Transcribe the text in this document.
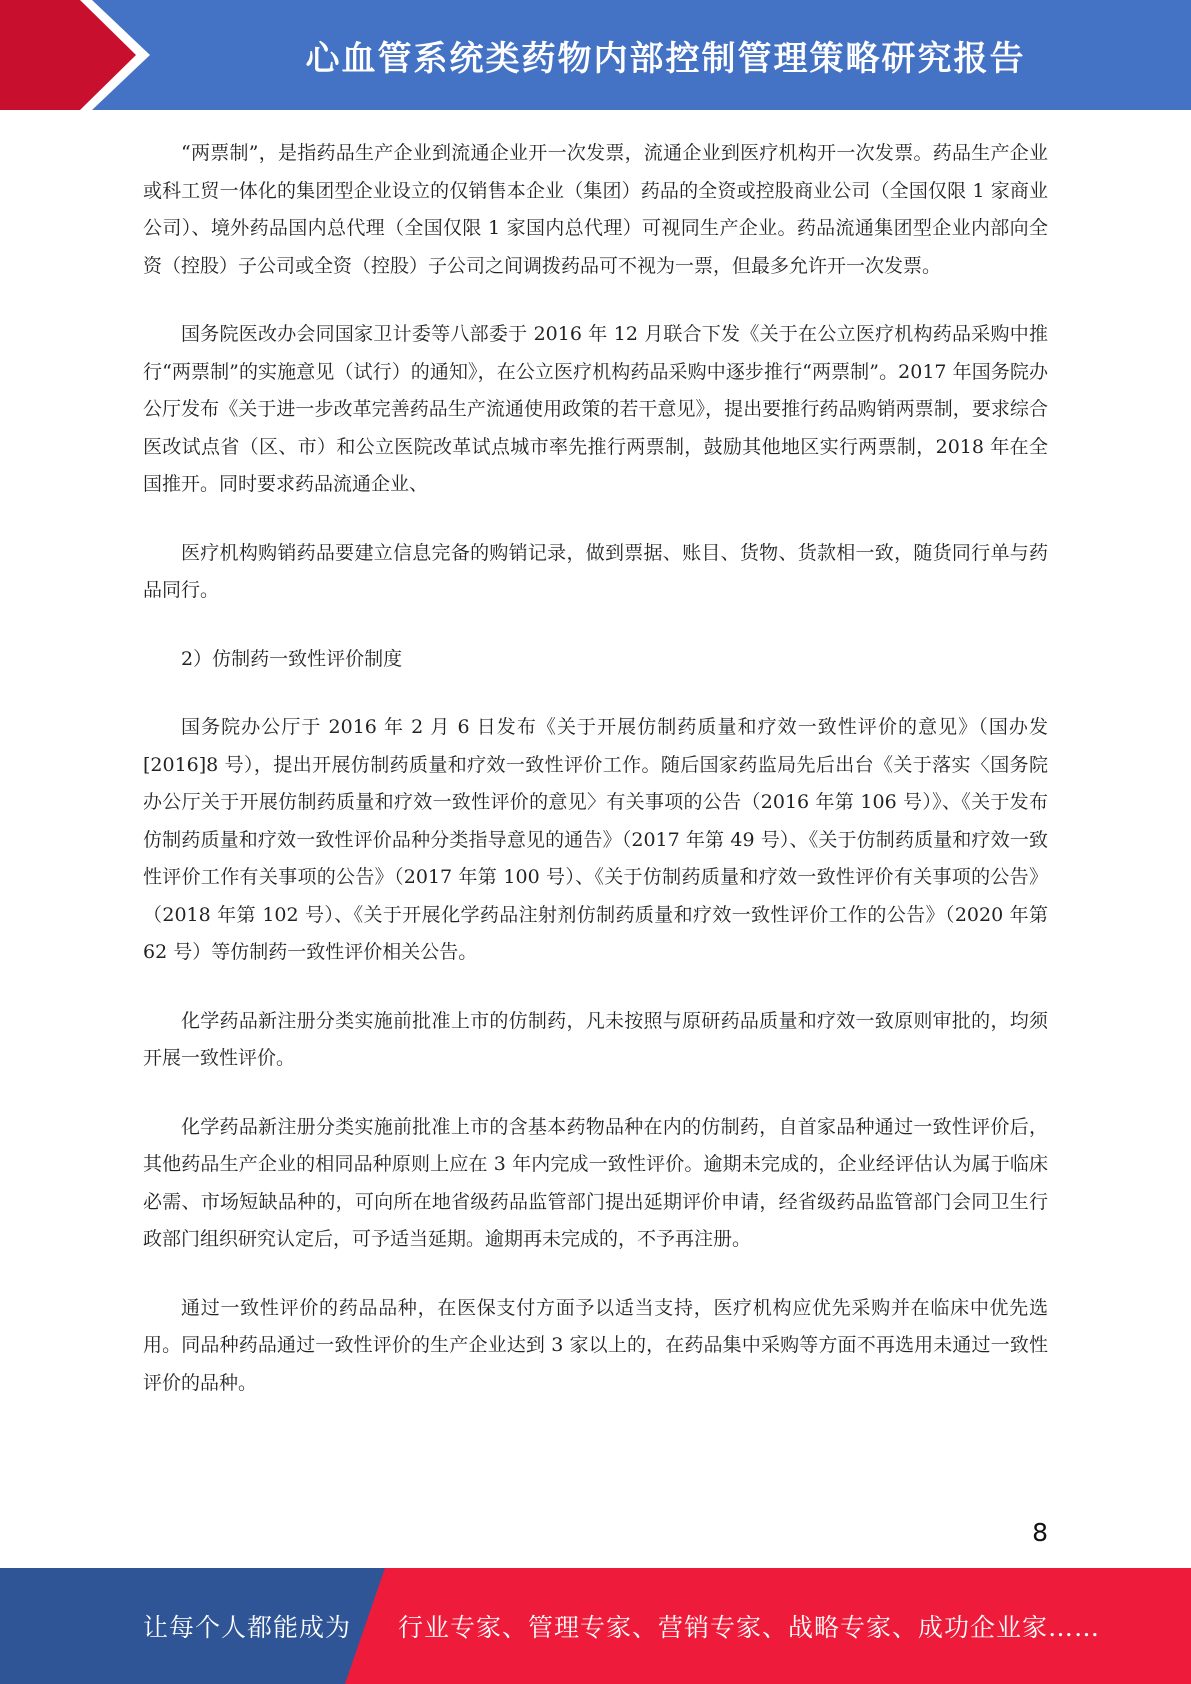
心血管系统类药物内部控制管理策略研究报告

“两票制”，是指药品生产企业到流通企业开一次发票，流通企业到医疗机构开一次发票。药品生产企业或科工贸一体化的集团型企业设立的仅销售本企业（集团）药品的全资或控股商业公司（全国仅限 1 家商业公司）、境外药品国内总代理（全国仅限 1 家国内总代理）可视同生产企业。药品流通集团型企业内部向全资（控股）子公司或全资（控股）子公司之间调拨药品可不视为一票，但最多允许开一次发票。

国务院医改办会同国家卫计委等八部委于 2016 年 12 月联合下发《关于在公立医疗机构药品采购中推行“两票制”的实施意见（试行）的通知》，在公立医疗机构药品采购中逐步推行“两票制”。2017 年国务院办公厅发布《关于进一步改革完善药品生产流通使用政策的若干意见》，提出要推行药品购销两票制，要求综合医改试点省（区、市）和公立医院改革试点城市率先推行两票制，鼓励其他地区实行两票制，2018 年在全国推开。同时要求药品流通企业、

医疗机构购销药品要建立信息完备的购销记录，做到票据、账目、货物、货款相一致，随货同行单与药品同行。

2）仿制药一致性评价制度

国务院办公厅于 2016 年 2 月 6 日发布《关于开展仿制药质量和疗效一致性评价的意见》（国办发[2016]8 号），提出开展仿制药质量和疗效一致性评价工作。随后国家药监局先后出台《关于落实〈国务院办公厅关于开展仿制药质量和疗效一致性评价的意见〉有关事项的公告（2016 年第 106 号）》、《关于发布仿制药质量和疗效一致性评价品种分类指导意见的通告》（2017 年第 49 号）、《关于仿制药质量和疗效一致性评价工作有关事项的公告》（2017 年第 100 号）、《关于仿制药质量和疗效一致性评价有关事项的公告》（2018 年第 102 号）、《关于开展化学药品注射剂仿制药质量和疗效一致性评价工作的公告》（2020 年第 62 号）等仿制药一致性评价相关公告。

化学药品新注册分类实施前批准上市的仿制药，凡未按照与原研药品质量和疗效一致原则审批的，均须开展一致性评价。

化学药品新注册分类实施前批准上市的含基本药物品种在内的仿制药，自首家品种通过一致性评价后，其他药品生产企业的相同品种原则上应在 3 年内完成一致性评价。逾期未完成的，企业经评估认为属于临床必需、市场短缺品种的，可向所在地省级药品监管部门提出延期评价申请，经省级药品监管部门会同卫生行政部门组织研究认定后，可予适当延期。逾期再未完成的，不予再注册。

通过一致性评价的药品品种，在医保支付方面予以适当支持，医疗机构应优先采购并在临床中优先选用。同品种药品通过一致性评价的生产企业达到 3 家以上的，在药品集中采购等方面不再选用未通过一致性评价的品种。

8
让每个人都能成为 行业专家、管理专家、营销专家、战略专家、成功企业家……
